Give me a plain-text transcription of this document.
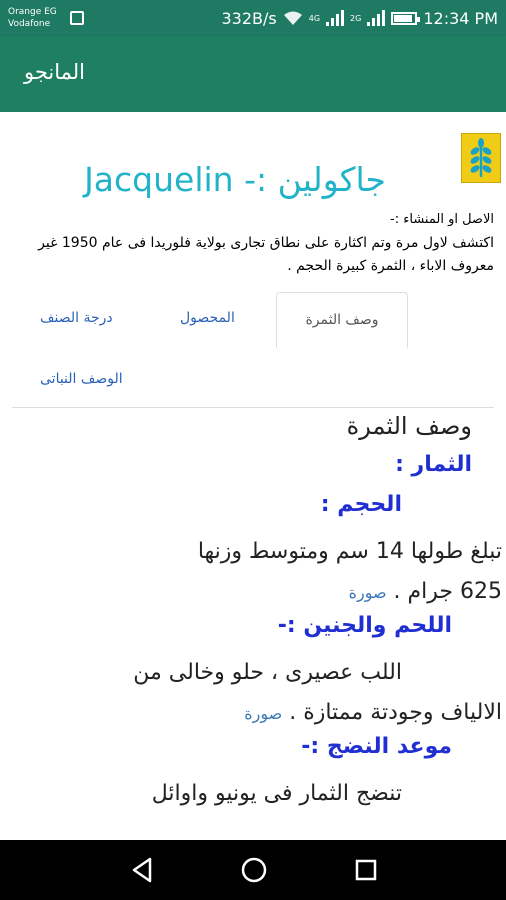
Orange EG
Vodafone	332B/s	4G	2G	12:34 PM
المانجو
جاكولين :- Jacquelin
الاصل او المنشاء :-
اكتشف لاول مرة وتم اكثارة على نطاق تجارى بولاية فلوريدا فى عام 1950 غير معروف الاباء ، الثمرة كبيرة الحجم .
وصف الثمرة
المحصول
درجة الصنف
الوصف النباتى
وصف الثمرة
الثمار :
الحجم :
تبلغ طولها 14 سم ومتوسط وزنها
625 جرام . صورة
اللحم والجنين :-
اللب عصيرى ، حلو وخالى من
الالياف وجودتة ممتازة . صورة
موعد النضج :-
تنضج الثمار فى يونيو واوائل
